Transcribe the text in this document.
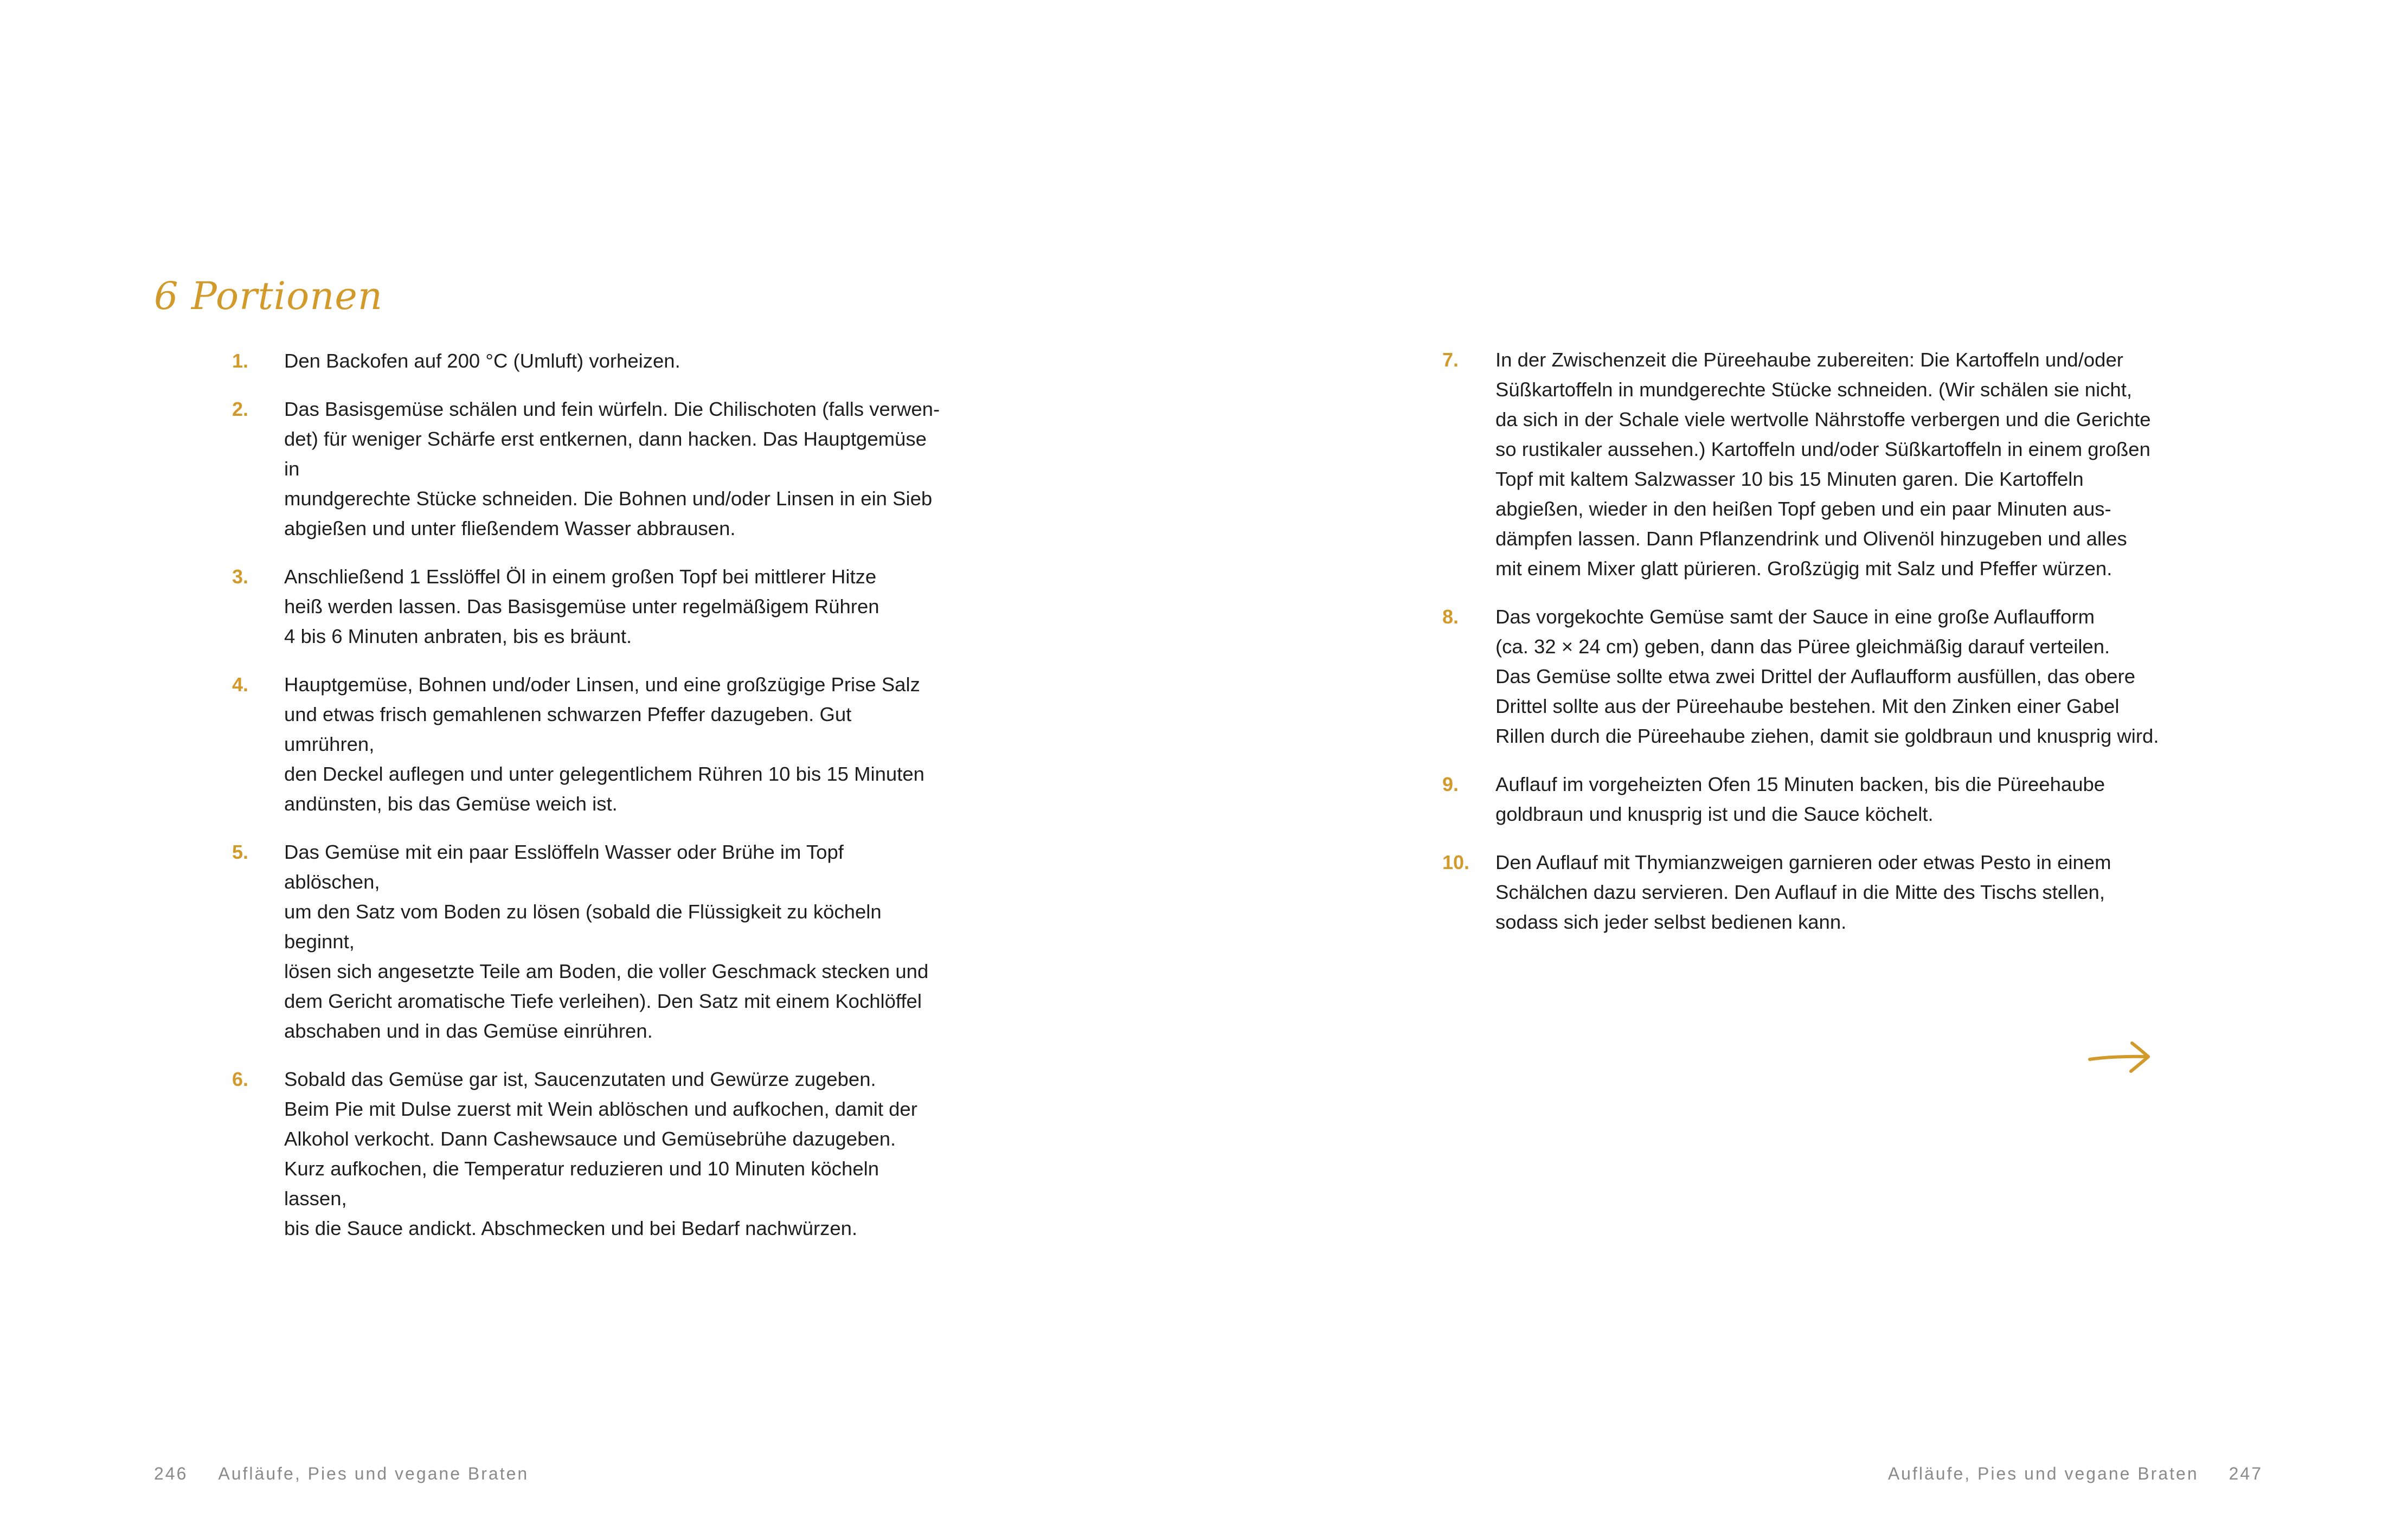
6 Portionen
1. Den Backofen auf 200 °C (Umluft) vorheizen.
2. Das Basisgemüse schälen und fein würfeln. Die Chilischoten (falls verwen-
det) für weniger Schärfe erst entkernen, dann hacken. Das Hauptgemüse in
mundgerechte Stücke schneiden. Die Bohnen und/oder Linsen in ein Sieb
abgießen und unter fließendem Wasser abbrausen.
3. Anschließend 1 Esslöffel Öl in einem großen Topf bei mittlerer Hitze
heiß werden lassen. Das Basisgemüse unter regelmäßigem Rühren
4 bis 6 Minuten anbraten, bis es bräunt.
4. Hauptgemüse, Bohnen und/oder Linsen, und eine großzügige Prise Salz
und etwas frisch gemahlenen schwarzen Pfeffer dazugeben. Gut umrühren,
den Deckel auflegen und unter gelegentlichem Rühren 10 bis 15 Minuten
andünsten, bis das Gemüse weich ist.
5. Das Gemüse mit ein paar Esslöffeln Wasser oder Brühe im Topf ablöschen,
um den Satz vom Boden zu lösen (sobald die Flüssigkeit zu köcheln beginnt,
lösen sich angesetzte Teile am Boden, die voller Geschmack stecken und
dem Gericht aromatische Tiefe verleihen). Den Satz mit einem Kochlöffel
abschaben und in das Gemüse einrühren.
6. Sobald das Gemüse gar ist, Saucenzutaten und Gewürze zugeben.
Beim Pie mit Dulse zuerst mit Wein ablöschen und aufkochen, damit der
Alkohol verkocht. Dann Cashewsauce und Gemüsebrühe dazugeben.
Kurz aufkochen, die Temperatur reduzieren und 10 Minuten köcheln lassen,
bis die Sauce andickt. Abschmecken und bei Bedarf nachwürzen.
7. In der Zwischenzeit die Püreehaube zubereiten: Die Kartoffeln und/oder
Süßkartoffeln in mundgerechte Stücke schneiden. (Wir schälen sie nicht,
da sich in der Schale viele wertvolle Nährstoffe verbergen und die Gerichte
so rustikaler aussehen.) Kartoffeln und/oder Süßkartoffeln in einem großen
Topf mit kaltem Salzwasser 10 bis 15 Minuten garen. Die Kartoffeln
abgießen, wieder in den heißen Topf geben und ein paar Minuten aus-
dämpfen lassen. Dann Pflanzendrink und Olivenöl hinzugeben und alles
mit einem Mixer glatt pürieren. Großzügig mit Salz und Pfeffer würzen.
8. Das vorgekochte Gemüse samt der Sauce in eine große Auflaufform
(ca. 32 × 24 cm) geben, dann das Püree gleichmäßig darauf verteilen.
Das Gemüse sollte etwa zwei Drittel der Auflaufform ausfüllen, das obere
Drittel sollte aus der Püreehaube bestehen. Mit den Zinken einer Gabel
Rillen durch die Püreehaube ziehen, damit sie goldbraun und knusprig wird.
9. Auflauf im vorgeheizten Ofen 15 Minuten backen, bis die Püreehaube
goldbraun und knusprig ist und die Sauce köchelt.
10. Den Auflauf mit Thymianzweigen garnieren oder etwas Pesto in einem
Schälchen dazu servieren. Den Auflauf in die Mitte des Tischs stellen,
sodass sich jeder selbst bedienen kann.
246 Aufläufe, Pies und vegane Braten	Aufläufe, Pies und vegane Braten 247
